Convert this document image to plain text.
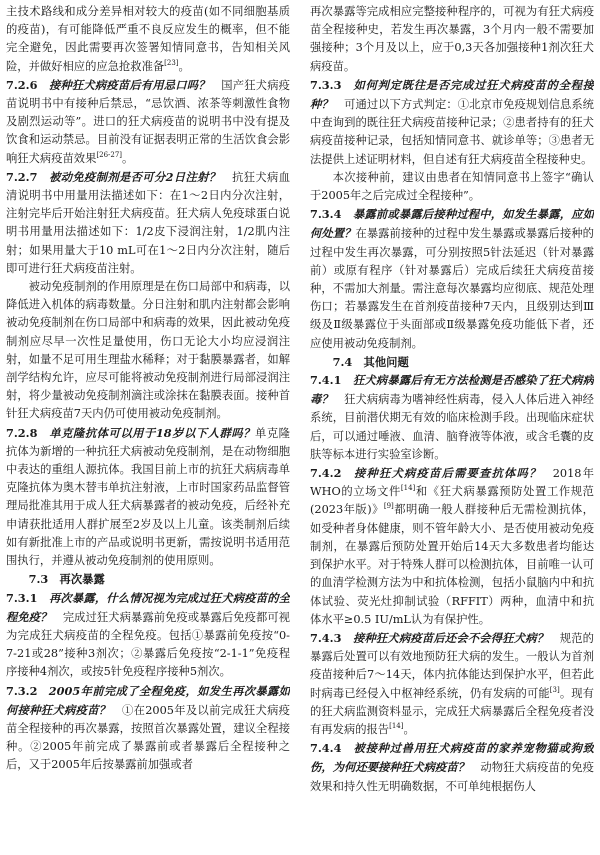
主技术路线和成分差异相对较大的疫苗(如不同细胞基质的疫苗)，有可能降低严重不良反应发生的概率，但不能完全避免，因此需要再次签署知情同意书，告知相关风险，并做好相应的应急抢救准备[23]。

7.2.6  接种狂犬病疫苗后有用忌口吗？  国产狂犬病疫苗说明书中有接种后禁忌，“忌饮酒、浓茶等刺激性食物及剧烈运动等”。进口的狂犬病疫苗的说明书中没有提及饮食和运动禁忌。目前没有证据表明正常的生活饮食会影响狂犬病疫苗效果[26-27]。

7.2.7  被动免疫制剂是否可分2日注射？  抗狂犬病血清说明书中用量用法描述如下：在1～2日内分次注射，注射完毕后开始注射狂犬病疫苗。狂犬病人免疫球蛋白说明书用量用法描述如下：1/2皮下浸润注射，1/2肌内注射；如果用量大于10 mL可在1～2日内分次注射，随后即可进行狂犬病疫苗注射。

被动免疫制剂的作用原理是在伤口局部中和病毒，以降低进入机体的病毒数量。分日注射和肌内注射都会影响被动免疫制剂在伤口局部中和病毒的效果，因此被动免疫制剂应尽早一次性足量使用，伤口无论大小均应浸润注射，如量不足可用生理盐水稀释；对于黏膜暴露者，如解剖学结构允许，应尽可能将被动免疫制剂进行局部浸润注射，将少量被动免疫制剂滴注或涂抹在黏膜表面。接种首针狂犬病疫苗7天内仍可使用被动免疫制剂。

7.2.8  单克隆抗体可以用于18岁以下人群吗？单克隆抗体为新增的一种抗狂犬病被动免疫制剂，是在动物细胞中表达的重组人源抗体。我国目前上市的抗狂犬病病毒单克隆抗体为奥木替韦单抗注射液，上市时国家药品监督管理局批准其用于成人狂犬病暴露者的被动免疫，后经补充申请获批适用人群扩展至2岁及以上儿童。该类制剂后续如有新批准上市的产品或说明书更新，需按说明书适用范围执行，并遵从被动免疫制剂的使用原则。

7.3  再次暴露

7.3.1  再次暴露，什么情况视为完成过狂犬病疫苗的全程免疫？  完成过狂犬病暴露前免疫或暴露后免疫都可视为完成狂犬病疫苗的全程免疫。包括①暴露前免疫按“0-7-21或28”接种3剂次；②暴露后免疫按“2-1-1”免疫程序接种4剂次，或按5针免疫程序接种5剂次。

7.3.2  2005年前完成了全程免疫，如发生再次暴露如何接种狂犬病疫苗？  ①在2005年及以前完成狂犬病疫苗全程接种的再次暴露，按照首次暴露处置，建议全程接种。②2005年前完成了暴露前或者暴露后全程接种之后，又于2005年后按暴露前加强或者

再次暴露等完成相应完整接种程序的，可视为有狂犬病疫苗全程接种史，若发生再次暴露，3个月内一般不需要加强接种；3个月及以上，应于0,3天各加强接种1剂次狂犬病疫苗。

7.3.3  如何判定既往是否完成过狂犬病疫苗的全程接种？  可通过以下方式判定：①北京市免疫规划信息系统中查询到的既往狂犬病疫苗接种记录；②患者持有的狂犬病疫苗接种记录，包括知情同意书、就诊单等；③患者无法提供上述证明材料，但自述有狂犬病疫苗全程接种史。

本次接种前，建议由患者在知情同意书上签字“确认于2005年之后完成过全程接种”。

7.3.4  暴露前或暴露后接种过程中，如发生暴露，应如何处置？在暴露前接种的过程中发生暴露或暴露后接种的过程中发生再次暴露，可分别按照5针法延迟（针对暴露前）或原有程序（针对暴露后）完成后续狂犬病疫苗接种，不需加大剂量。需注意每次暴露均应彻底、规范处理伤口；若暴露发生在首剂疫苗接种7天内，且级别达到Ⅲ级及Ⅱ级暴露位于头面部或Ⅱ级暴露免疫功能低下者，还应使用被动免疫制剂。

7.4  其他问题

7.4.1  狂犬病暴露后有无方法检测是否感染了狂犬病病毒？  狂犬病病毒为嗜神经性病毒，侵入人体后进入神经系统，目前潜伏期无有效的临床检测手段。出现临床症状后，可以通过唾液、血清、脑脊液等体液，或含毛囊的皮肤等标本进行实验室诊断。

7.4.2  接种狂犬病疫苗后需要查抗体吗？  2018年WHO的立场文件[14]和《狂犬病暴露预防处置工作规范(2023年版)》[9]都明确一般人群接种后无需检测抗体，如受种者身体健康，则不管年龄大小、是否使用被动免疫制剂，在暴露后预防处置开始后14天大多数患者均能达到保护水平。对于特殊人群可以检测抗体，目前唯一认可的血清学检测方法为中和抗体检测，包括小鼠脑内中和抗体试验、荧光灶抑制试验（RFFIT）两种，血清中和抗体水平≥0.5 IU/mL认为有保护性。

7.4.3  接种狂犬病疫苗后还会不会得狂犬病？  规范的暴露后处置可以有效地预防狂犬病的发生。一般认为首剂疫苗接种后7～14天，体内抗体能达到保护水平，但若此时病毒已经侵入中枢神经系统，仍有发病的可能[3]。现有的狂犬病监测资料显示，完成狂犬病暴露后全程免疫者没有再发病的报告[14]。

7.4.4  被接种过兽用狂犬病疫苗的家养宠物猫或狗致伤，为何还要接种狂犬病疫苗？  动物狂犬病疫苗的免疫效果和持久性无明确数据，不可单纯根据伤人
